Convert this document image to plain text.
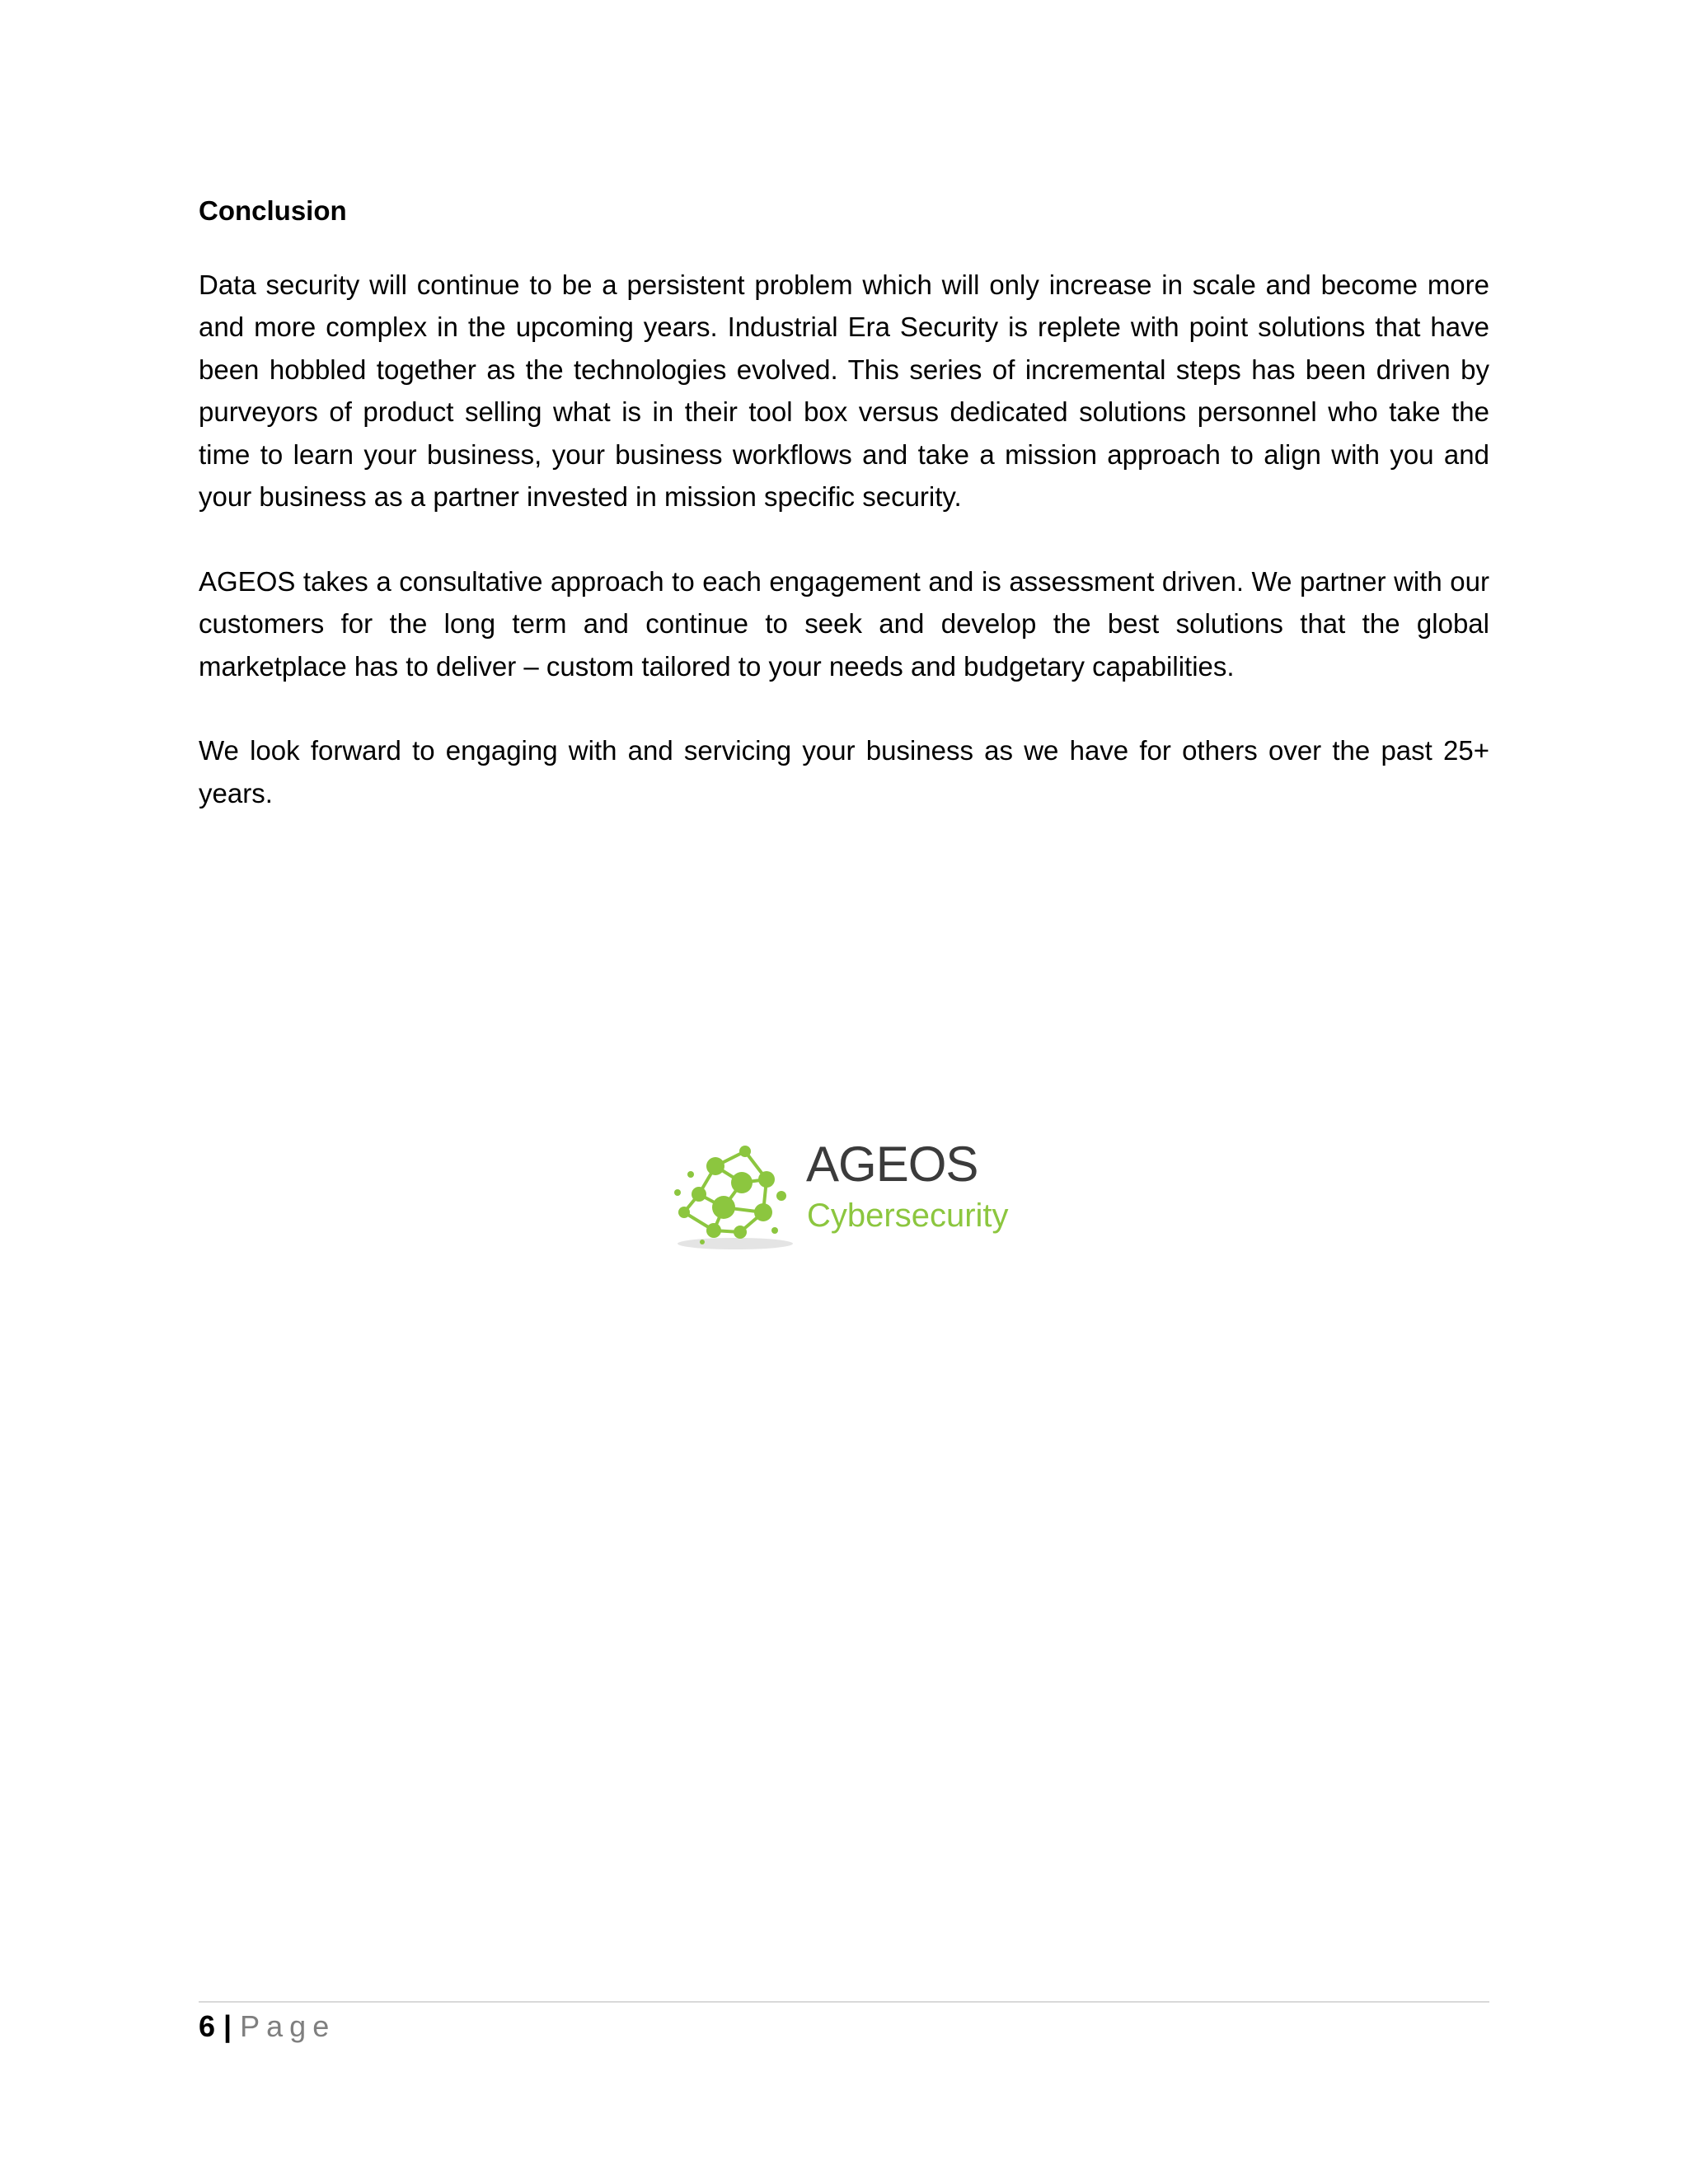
Conclusion

Data security will continue to be a persistent problem which will only increase in scale and become more and more complex in the upcoming years. Industrial Era Security is replete with point solutions that have been hobbled together as the technologies evolved. This series of incremental steps has been driven by purveyors of product selling what is in their tool box versus dedicated solutions personnel who take the time to learn your business, your business workflows and take a mission approach to align with you and your business as a partner invested in mission specific security.

AGEOS takes a consultative approach to each engagement and is assessment driven. We partner with our customers for the long term and continue to seek and develop the best solutions that the global marketplace has to deliver – custom tailored to your needs and budgetary capabilities.

We look forward to engaging with and servicing your business as we have for others over the past 25+ years.

AGEOS
Cybersecurity
6 | Page
